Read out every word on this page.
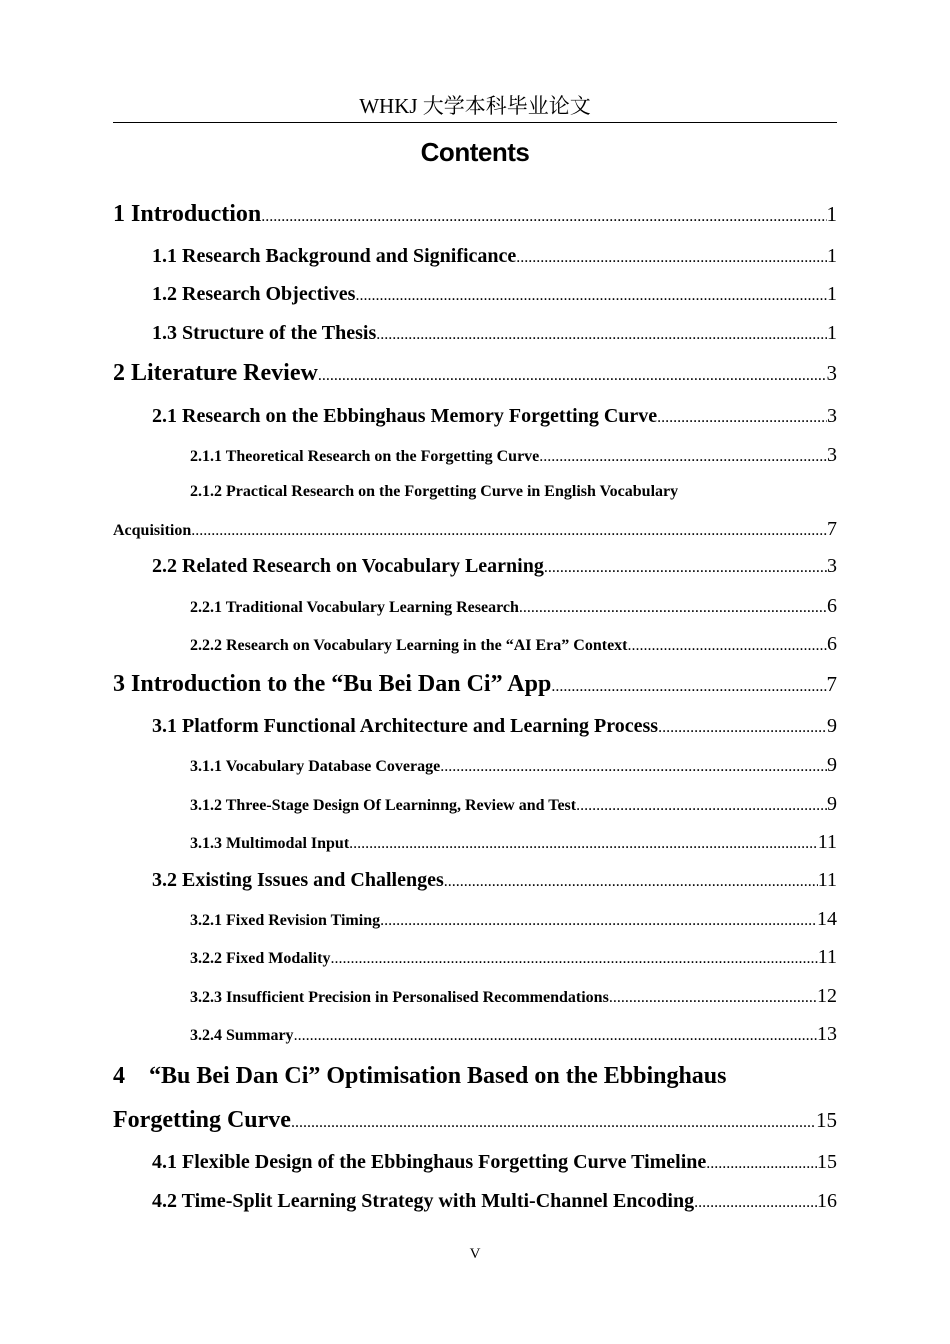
WHKJ 大学本科毕业论文
Contents
1 Introduction .....	1
1.1 Research Background and Significance .....	1
1.2 Research Objectives .....	1
1.3 Structure of the Thesis .....	1
2 Literature Review .....	3
2.1 Research on the Ebbinghaus Memory Forgetting Curve .....	3
2.1.1 Theoretical Research on the Forgetting Curve .....	3
2.1.2 Practical Research on the Forgetting Curve in English Vocabulary
Acquisition .....	7
2.2 Related Research on Vocabulary Learning .....	3
2.2.1 Traditional Vocabulary Learning Research .....	6
2.2.2 Research on Vocabulary Learning in the “AI Era” Context .....	6
3 Introduction to the “Bu Bei Dan Ci” App .....	7
3.1 Platform Functional Architecture and Learning Process .....	9
3.1.1 Vocabulary Database Coverage .....	9
3.1.2 Three-Stage Design Of Learninng, Review and Test .....	9
3.1.3 Multimodal Input .....	11
3.2 Existing Issues and Challenges .....	11
3.2.1 Fixed Revision Timing .....	14
3.2.2 Fixed Modality .....	11
3.2.3 Insufficient Precision in Personalised Recommendations .....	12
3.2.4 Summary .....	13
4    “Bu Bei Dan Ci” Optimisation Based on the Ebbinghaus
Forgetting Curve .....	15
4.1 Flexible Design of the Ebbinghaus Forgetting Curve Timeline .....	15
4.2 Time-Split Learning Strategy with Multi-Channel Encoding .....	16
V
